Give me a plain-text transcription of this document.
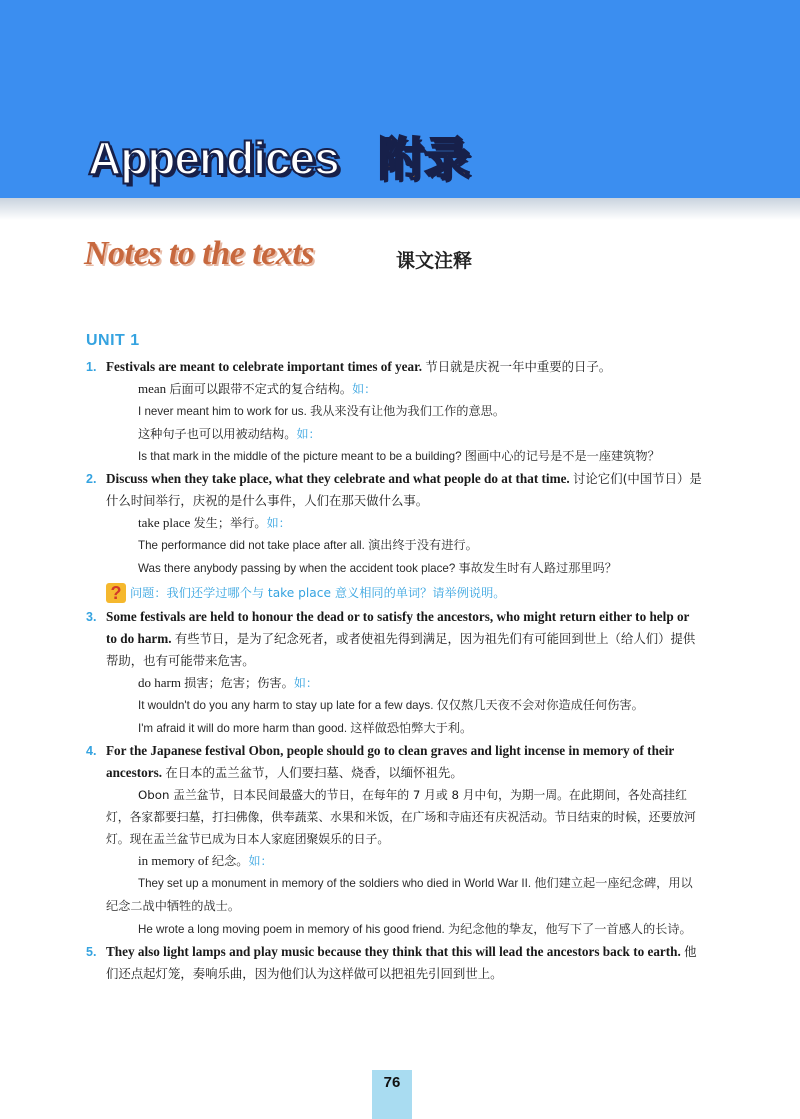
Appendices 附录
Notes to the texts	课文注释
UNIT 1

1. Festivals are meant to celebrate important times of year. 节日就是庆祝一年中重要的日子。

mean 后面可以跟带不定式的复合结构。如：

I never meant him to work for us. 我从来没有让他为我们工作的意思。

这种句子也可以用被动结构。如：

Is that mark in the middle of the picture meant to be a building? 图画中心的记号是不是一座建筑物？

2. Discuss when they take place, what they celebrate and what people do at that time. 讨论它们(中国节日）是什么时间举行，庆祝的是什么事件，人们在那天做什么事。

take place 发生；举行。如：

The performance did not take place after all. 演出终于没有进行。

Was there anybody passing by when the accident took place? 事故发生时有人路过那里吗？

? 问题：我们还学过哪个与 take place 意义相同的单词？请举例说明。

3. Some festivals are held to honour the dead or to satisfy the ancestors, who might return either to help or to do harm. 有些节日，是为了纪念死者，或者使祖先得到满足，因为祖先们有可能回到世上（给人们）提供帮助，也有可能带来危害。

do harm 损害；危害；伤害。如：

It wouldn't do you any harm to stay up late for a few days. 仅仅熬几天夜不会对你造成任何伤害。

I'm afraid it will do more harm than good. 这样做恐怕弊大于利。

4. For the Japanese festival Obon, people should go to clean graves and light incense in memory of their ancestors. 在日本的盂兰盆节，人们要扫墓、烧香，以缅怀祖先。

Obon 盂兰盆节，日本民间最盛大的节日，在每年的 7 月或 8 月中旬，为期一周。在此期间，各处高挂红灯，各家都要扫墓，打扫佛像，供奉蔬菜、水果和米饭，在广场和寺庙还有庆祝活动。节日结束的时候，还要放河灯。现在盂兰盆节已成为日本人家庭团聚娱乐的日子。

in memory of 纪念。如：

They set up a monument in memory of the soldiers who died in World War II. 他们建立起一座纪念碑，用以纪念二战中牺牲的战士。

He wrote a long moving poem in memory of his good friend. 为纪念他的挚友，他写下了一首感人的长诗。

5. They also light lamps and play music because they think that this will lead the ancestors back to earth. 他们还点起灯笼，奏响乐曲，因为他们认为这样做可以把祖先引回到世上。

76
